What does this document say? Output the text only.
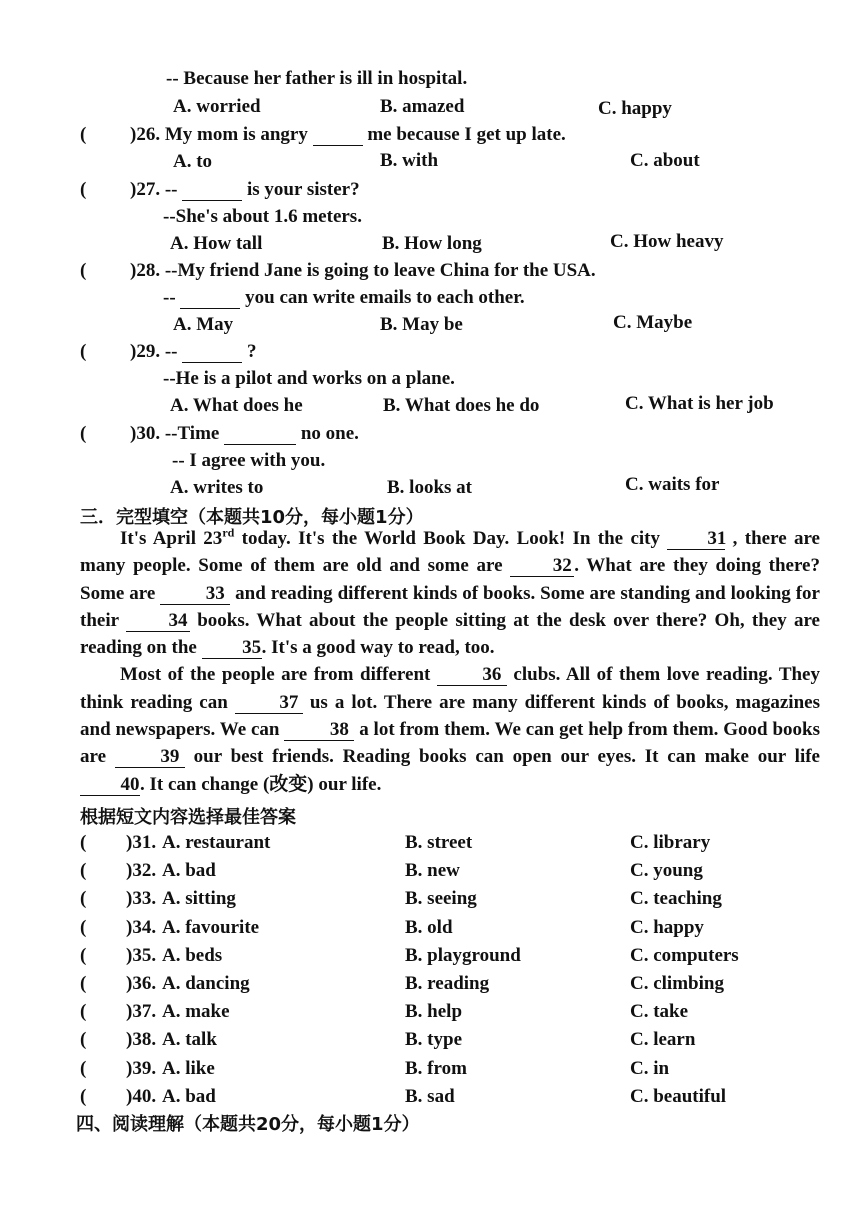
-- Because her father is ill in hospital.
A. worried	B. amazed	C. happy
( )26. My mom is angry	me because I get up late.
A. to	B. with	C. about
( )27. --	is your sister?
--She's about 1.6 meters.
A. How tall	B. How long	C. How heavy
( )28. --My friend Jane is going to leave China for the USA.
--	you can write emails to each other.
A. May	B. May be	C. Maybe
( )29. --	?
--He is a pilot and works on a plane.
A. What does he	B. What does he do	C. What is her job
( )30. --Time	no one.
-- I agree with you.
A. writes to	B. looks at	C. waits for
三．完型填空（本题共10分，每小题1分）

It's April 23rd today. It's the World Book Day. Look! In the city 31 , there are many people. Some of them are old and some are 32 . What are they doing there? Some are 33 and reading different kinds of books. Some are standing and looking for their 34 books. What about the people sitting at the desk over there? Oh, they are reading on the 35. It's a good way to read, too.

Most of the people are from different 36 clubs. All of them love reading. They think reading can 37 us a lot. There are many different kinds of books, magazines and newspapers. We can 38 a lot from them. We can get help from them. Good books are 39 our best friends. Reading books can open our eyes. It can make our life 40. It can change (改变) our life.

根据短文内容选择最佳答案
( )31. A. restaurant	B. street	C. library
( )32. A. bad	B. new	C. young
( )33. A. sitting	B. seeing	C. teaching
( )34. A. favourite	B. old	C. happy
( )35. A. beds	B. playground	C. computers
( )36. A. dancing	B. reading	C. climbing
( )37. A. make	B. help	C. take
( )38. A. talk	B. type	C. learn
( )39. A. like	B. from	C. in
( )40. A. bad	B. sad	C. beautiful
四、阅读理解（本题共20分，每小题1分）
